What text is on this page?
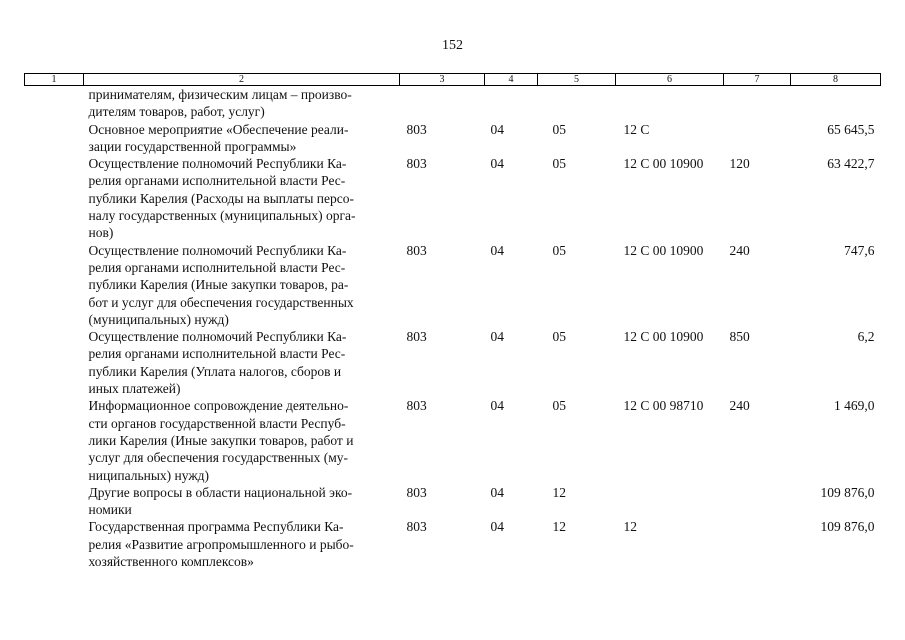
152
1	2	3	4	5	6	7	8

	принимателям, физическим лицам – произво-
дителям товаров, работ, услуг)						

	Основное мероприятие «Обеспечение реали-
зации государственной программы»	803	04	05	12 С		65 645,5

	Осуществление полномочий Республики Ка-
релия органами исполнительной власти Рес-
публики Карелия (Расходы на выплаты персо-
налу государственных (муниципальных) орга-
нов)	803	04	05	12 С 00 10900	120	63 422,7

	Осуществление полномочий Республики Ка-
релия органами исполнительной власти Рес-
публики Карелия (Иные закупки товаров, ра-
бот и услуг для обеспечения государственных
(муниципальных) нужд)	803	04	05	12 С 00 10900	240	747,6

	Осуществление полномочий Республики Ка-
релия органами исполнительной власти Рес-
публики Карелия (Уплата налогов, сборов и
иных платежей)	803	04	05	12 С 00 10900	850	6,2

	Информационное сопровождение деятельно-
сти органов государственной власти Респуб-
лики Карелия (Иные закупки товаров, работ и
услуг для обеспечения государственных (му-
ниципальных) нужд)	803	04	05	12 С 00 98710	240	1 469,0

	Другие вопросы в области национальной эко-
номики	803	04	12			109 876,0

	Государственная программа Республики Ка-
релия «Развитие агропромышленного и рыбо-
хозяйственного комплексов»	803	04	12	12		109 876,0
